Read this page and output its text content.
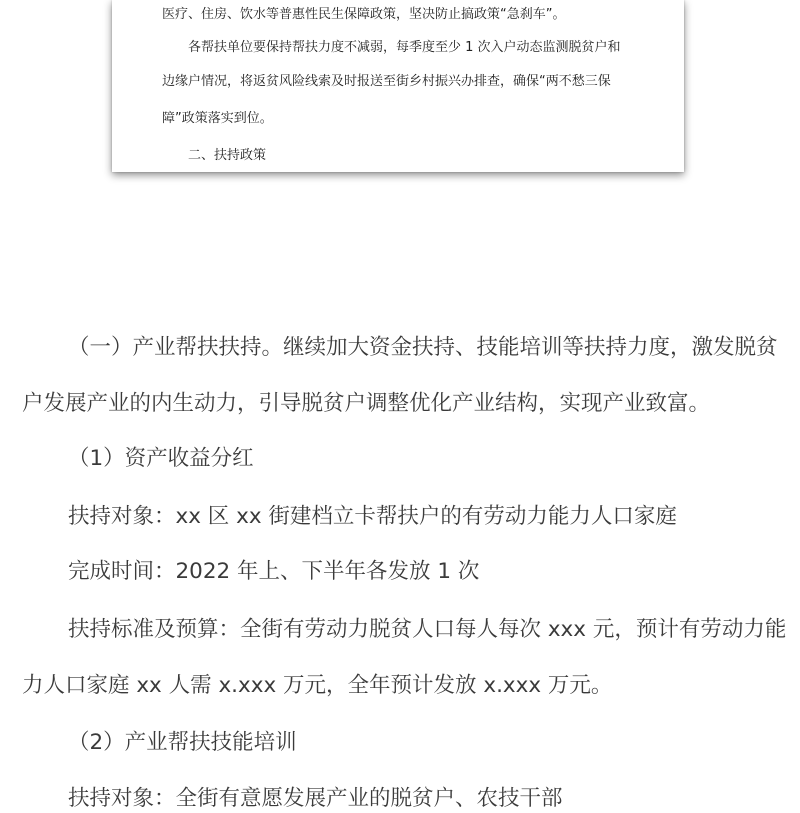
医疗、住房、饮水等普惠性民生保障政策，坚决防止搞政策“急刹车”。

各帮扶单位要保持帮扶力度不减弱，每季度至少 1 次入户动态监测脱贫户和

边缘户情况，将返贫风险线索及时报送至街乡村振兴办排查，确保“两不愁三保

障”政策落实到位。

二、扶持政策

（一）产业帮扶扶持。继续加大资金扶持、技能培训等扶持力度，激发脱贫

户发展产业的内生动力，引导脱贫户调整优化产业结构，实现产业致富。

（1）资产收益分红

扶持对象：xx 区 xx 街建档立卡帮扶户的有劳动力能力人口家庭

完成时间：2022 年上、下半年各发放 1 次

扶持标准及预算：全街有劳动力脱贫人口每人每次 xxx 元，预计有劳动力能

力人口家庭 xx 人需 x.xxx 万元，全年预计发放 x.xxx 万元。

（2）产业帮扶技能培训

扶持对象：全街有意愿发展产业的脱贫户、农技干部
